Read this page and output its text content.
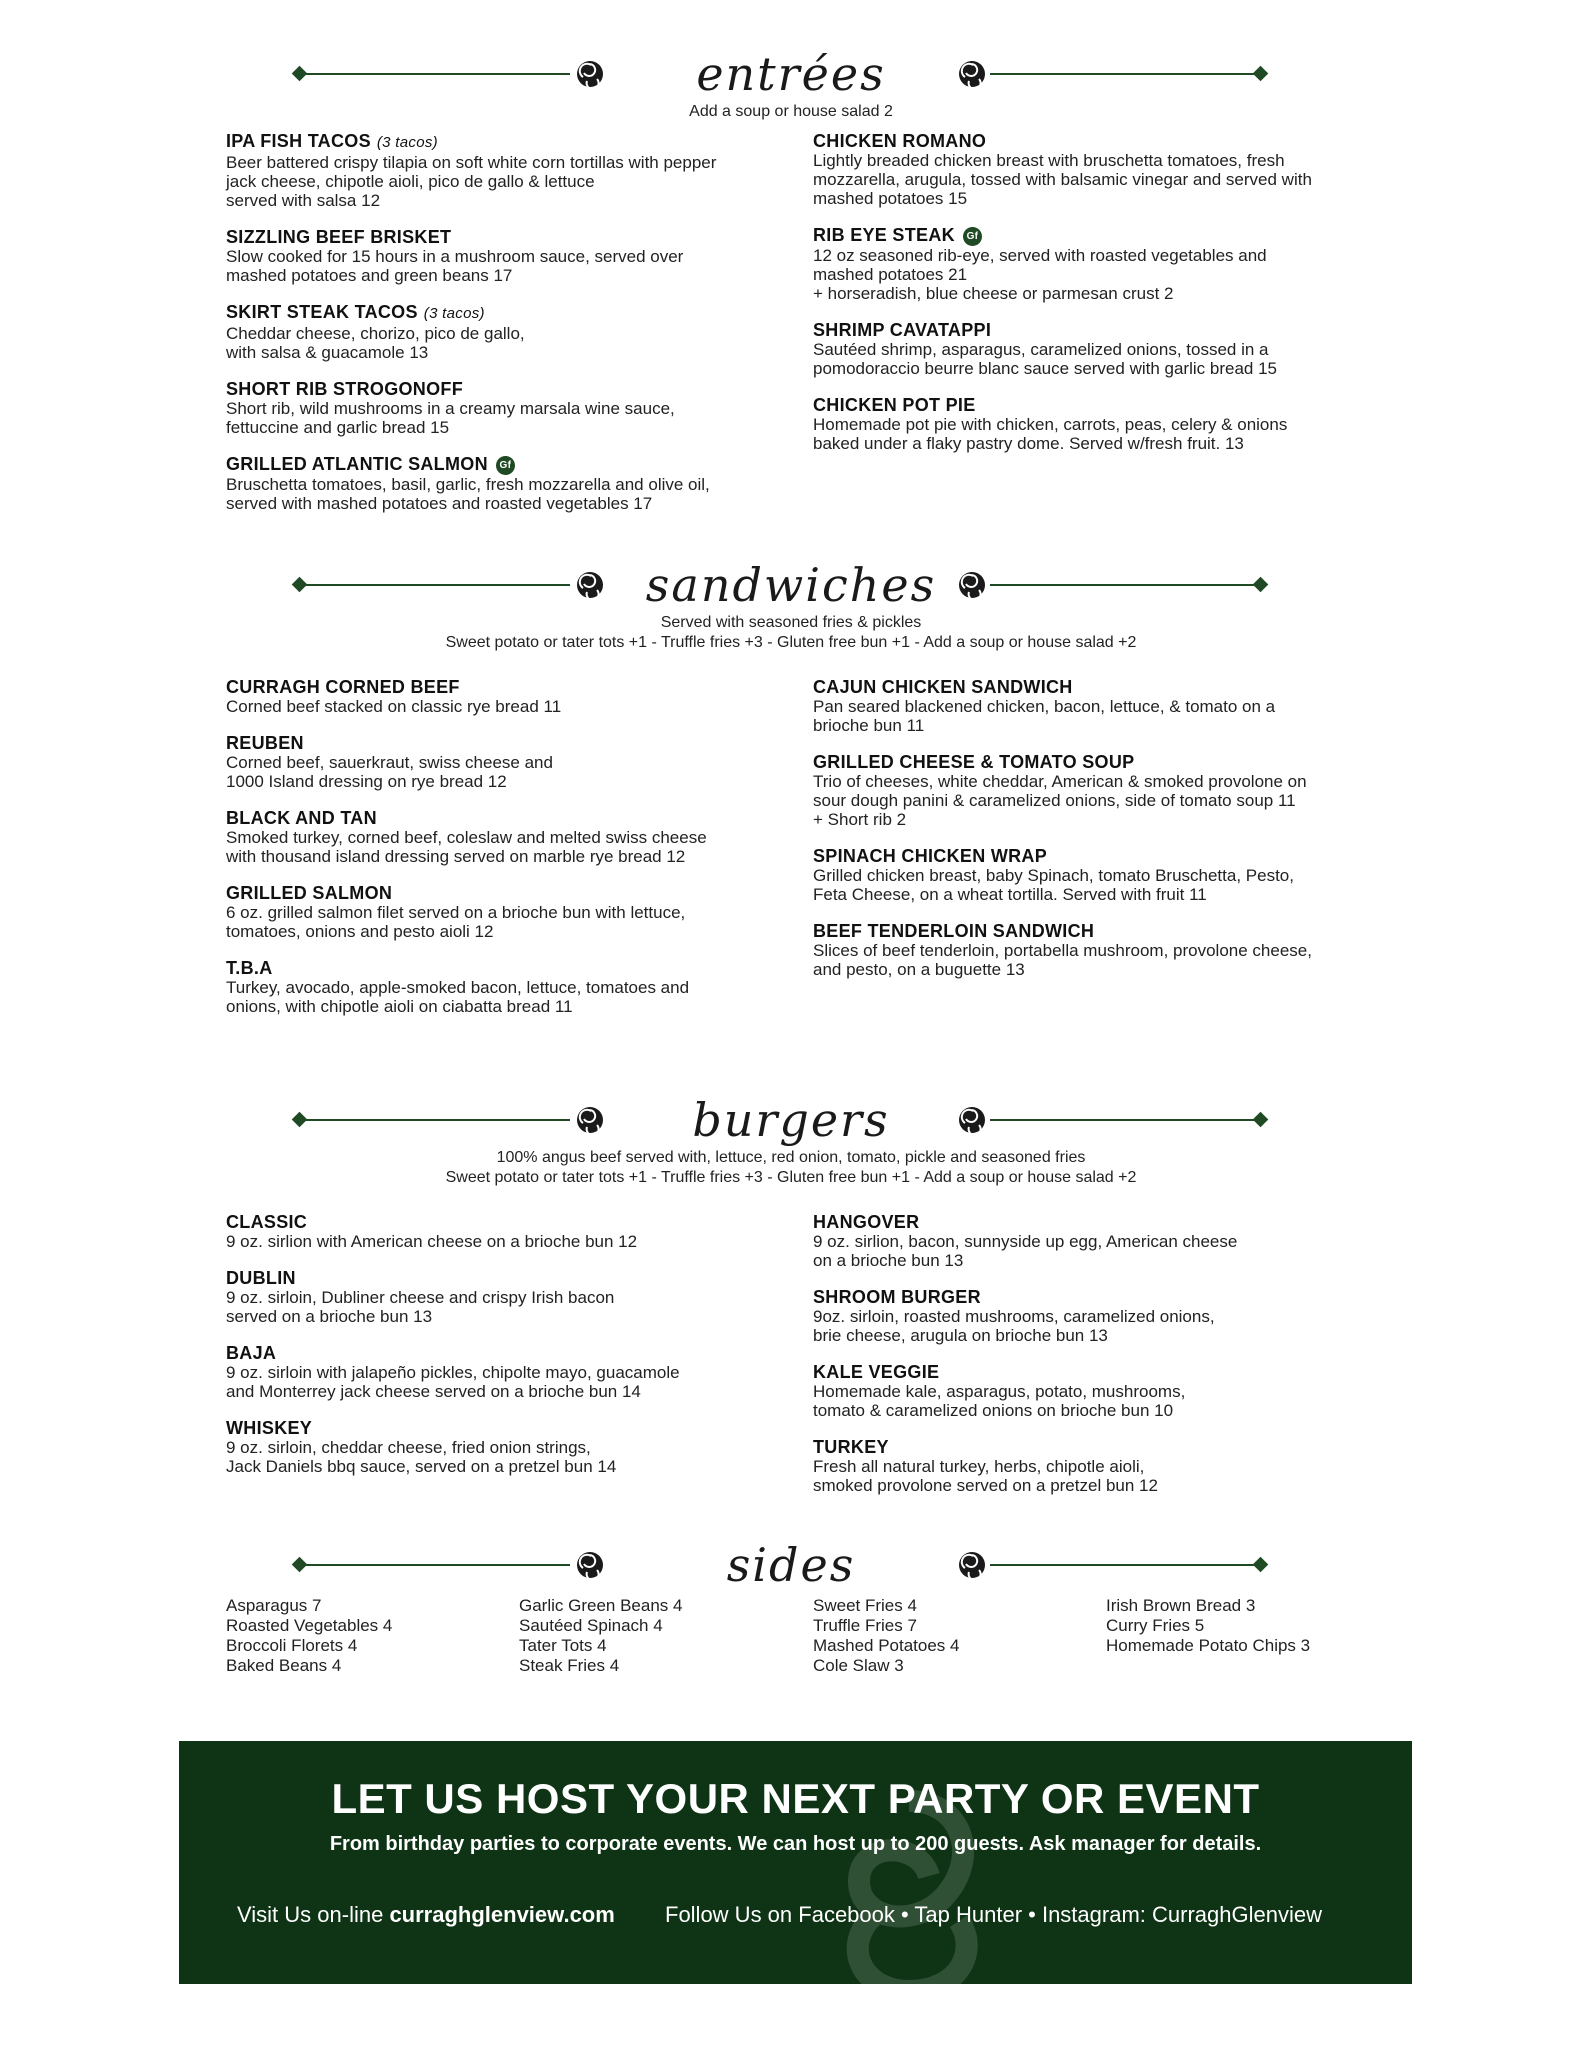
entrées
Add a soup or house salad 2
IPA FISH TACOS (3 tacos)
Beer battered crispy tilapia on soft white corn tortillas with pepper
jack cheese, chipotle aioli, pico de gallo & lettuce
served with salsa 12
SIZZLING BEEF BRISKET
Slow cooked for 15 hours in a mushroom sauce, served over
mashed potatoes and green beans 17
SKIRT STEAK TACOS (3 tacos)
Cheddar cheese, chorizo, pico de gallo,
with salsa & guacamole 13
SHORT RIB STROGONOFF
Short rib, wild mushrooms in a creamy marsala wine sauce,
fettuccine and garlic bread 15
GRILLED ATLANTIC SALMON Gf
Bruschetta tomatoes, basil, garlic, fresh mozzarella and olive oil,
served with mashed potatoes and roasted vegetables 17
CHICKEN ROMANO
Lightly breaded chicken breast with bruschetta tomatoes, fresh
mozzarella, arugula, tossed with balsamic vinegar and served with
mashed potatoes 15
RIB EYE STEAK Gf
12 oz seasoned rib-eye, served with roasted vegetables and
mashed potatoes 21
+ horseradish, blue cheese or parmesan crust 2
SHRIMP CAVATAPPI
Sautéed shrimp, asparagus, caramelized onions, tossed in a
pomodoraccio beurre blanc sauce served with garlic bread 15
CHICKEN POT PIE
Homemade pot pie with chicken, carrots, peas, celery & onions
baked under a flaky pastry dome. Served w/fresh fruit. 13
sandwiches
Served with seasoned fries & pickles
Sweet potato or tater tots +1 - Truffle fries +3 - Gluten free bun +1 - Add a soup or house salad +2
CURRAGH CORNED BEEF
Corned beef stacked on classic rye bread 11
REUBEN
Corned beef, sauerkraut, swiss cheese and
1000 Island dressing on rye bread 12
BLACK AND TAN
Smoked turkey, corned beef, coleslaw and melted swiss cheese
with thousand island dressing served on marble rye bread 12
GRILLED SALMON
6 oz. grilled salmon filet served on a brioche bun with lettuce,
tomatoes, onions and pesto aioli 12
T.B.A
Turkey, avocado, apple-smoked bacon, lettuce, tomatoes and
onions, with chipotle aioli on ciabatta bread 11
CAJUN CHICKEN SANDWICH
Pan seared blackened chicken, bacon, lettuce, & tomato on a
brioche bun 11
GRILLED CHEESE & TOMATO SOUP
Trio of cheeses, white cheddar, American & smoked provolone on
sour dough panini & caramelized onions, side of tomato soup 11
+ Short rib 2
SPINACH CHICKEN WRAP
Grilled chicken breast, baby Spinach, tomato Bruschetta, Pesto,
Feta Cheese, on a wheat tortilla. Served with fruit 11
BEEF TENDERLOIN SANDWICH
Slices of beef tenderloin, portabella mushroom, provolone cheese,
and pesto, on a buguette 13
burgers
100% angus beef served with, lettuce, red onion, tomato, pickle and seasoned fries
Sweet potato or tater tots +1 - Truffle fries +3 - Gluten free bun +1 - Add a soup or house salad +2
CLASSIC
9 oz. sirlion with American cheese on a brioche bun 12
DUBLIN
9 oz. sirloin, Dubliner cheese and crispy Irish bacon
served on a brioche bun 13
BAJA
9 oz. sirloin with jalapeño pickles, chipolte mayo, guacamole
and Monterrey jack cheese served on a brioche bun 14
WHISKEY
9 oz. sirloin, cheddar cheese, fried onion strings,
Jack Daniels bbq sauce, served on a pretzel bun 14
HANGOVER
9 oz. sirlion, bacon, sunnyside up egg, American cheese
on a brioche bun 13
SHROOM BURGER
9oz. sirloin, roasted mushrooms, caramelized onions,
brie cheese, arugula on brioche bun 13
KALE VEGGIE
Homemade kale, asparagus, potato, mushrooms,
tomato & caramelized onions on brioche bun 10
TURKEY
Fresh all natural turkey, herbs, chipotle aioli,
smoked provolone served on a pretzel bun 12
sides
Asparagus 7
Roasted Vegetables 4
Broccoli Florets 4
Baked Beans 4
Garlic Green Beans 4
Sautéed Spinach 4
Tater Tots 4
Steak Fries 4
Sweet Fries 4
Truffle Fries 7
Mashed Potatoes 4
Cole Slaw 3
Irish Brown Bread 3
Curry Fries 5
Homemade Potato Chips 3
LET US HOST YOUR NEXT PARTY OR EVENT
From birthday parties to corporate events. We can host up to 200 guests. Ask manager for details.
Visit Us on-line curraghglenview.com Follow Us on Facebook • Tap Hunter • Instagram: CurraghGlenview
